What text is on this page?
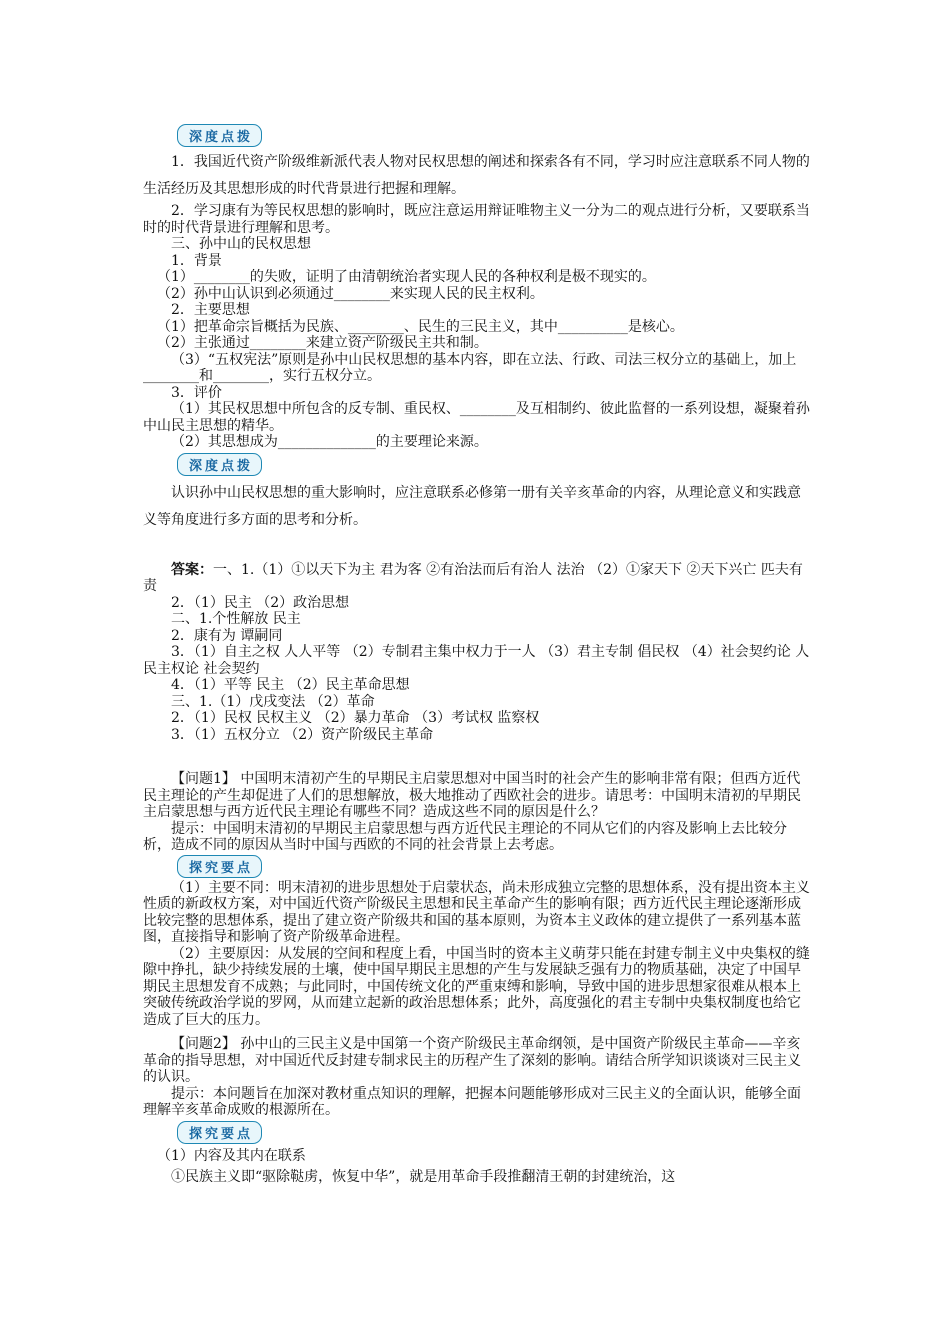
深度点拨

1．我国近代资产阶级维新派代表人物对民权思想的阐述和探索各有不同，学习时应注意联系不同人物的生活经历及其思想形成的时代背景进行把握和理解。

2．学习康有为等民权思想的影响时，既应注意运用辩证唯物主义一分为二的观点进行分析，又要联系当时的时代背景进行理解和思考。

三、孙中山的民权思想

1．背景

（1）________的失败，证明了由清朝统治者实现人民的各种权利是极不现实的。

（2）孙中山认识到必须通过________来实现人民的民主权利。

2．主要思想

（1）把革命宗旨概括为民族、________、民生的三民主义，其中__________是核心。

（2）主张通过________来建立资产阶级民主共和制。

（3）“五权宪法”原则是孙中山民权思想的基本内容，即在立法、行政、司法三权分立的基础上，加上________和________，实行五权分立。

3．评价

（1）其民权思想中所包含的反专制、重民权、________及互相制约、彼此监督的一系列设想，凝聚着孙中山民主思想的精华。

（2）其思想成为______________的主要理论来源。

深度点拨

认识孙中山民权思想的重大影响时，应注意联系必修第一册有关辛亥革命的内容，从理论意义和实践意义等角度进行多方面的思考和分析。

答案：一、1.（1）①以天下为主 君为客 ②有治法而后有治人 法治 （2）①家天下 ②天下兴亡 匹夫有责

2．（1）民主 （2）政治思想

二、1.个性解放 民主

2．康有为 谭嗣同

3．（1）自主之权 人人平等 （2）专制君主集中权力于一人 （3）君主专制 倡民权 （4）社会契约论 人民主权论 社会契约

4．（1）平等 民主 （2）民主革命思想

三、1.（1）戊戌变法 （2）革命

2．（1）民权 民权主义 （2）暴力革命 （3）考试权 监察权

3．（1）五权分立 （2）资产阶级民主革命

【问题1】 中国明末清初产生的早期民主启蒙思想对中国当时的社会产生的影响非常有限；但西方近代民主理论的产生却促进了人们的思想解放，极大地推动了西欧社会的进步。请思考：中国明末清初的早期民主启蒙思想与西方近代民主理论有哪些不同？造成这些不同的原因是什么？

提示：中国明末清初的早期民主启蒙思想与西方近代民主理论的不同从它们的内容及影响上去比较分析，造成不同的原因从当时中国与西欧的不同的社会背景上去考虑。

探究要点

（1）主要不同：明末清初的进步思想处于启蒙状态，尚未形成独立完整的思想体系，没有提出资本主义性质的新政权方案，对中国近代资产阶级民主思想和民主革命产生的影响有限；西方近代民主理论逐渐形成比较完整的思想体系，提出了建立资产阶级共和国的基本原则，为资本主义政体的建立提供了一系列基本蓝图，直接指导和影响了资产阶级革命进程。

（2）主要原因：从发展的空间和程度上看，中国当时的资本主义萌芽只能在封建专制主义中央集权的缝隙中挣扎，缺少持续发展的土壤，使中国早期民主思想的产生与发展缺乏强有力的物质基础，决定了中国早期民主思想发育不成熟；与此同时，中国传统文化的严重束缚和影响，导致中国的进步思想家很难从根本上突破传统政治学说的罗网，从而建立起新的政治思想体系；此外，高度强化的君主专制中央集权制度也给它造成了巨大的压力。

【问题2】 孙中山的三民主义是中国第一个资产阶级民主革命纲领，是中国资产阶级民主革命——辛亥革命的指导思想，对中国近代反封建专制求民主的历程产生了深刻的影响。请结合所学知识谈谈对三民主义的认识。

提示：本问题旨在加深对教材重点知识的理解，把握本问题能够形成对三民主义的全面认识，能够全面理解辛亥革命成败的根源所在。

探究要点

（1）内容及其内在联系

①民族主义即“驱除鞑虏，恢复中华”，就是用革命手段推翻清王朝的封建统治，这
